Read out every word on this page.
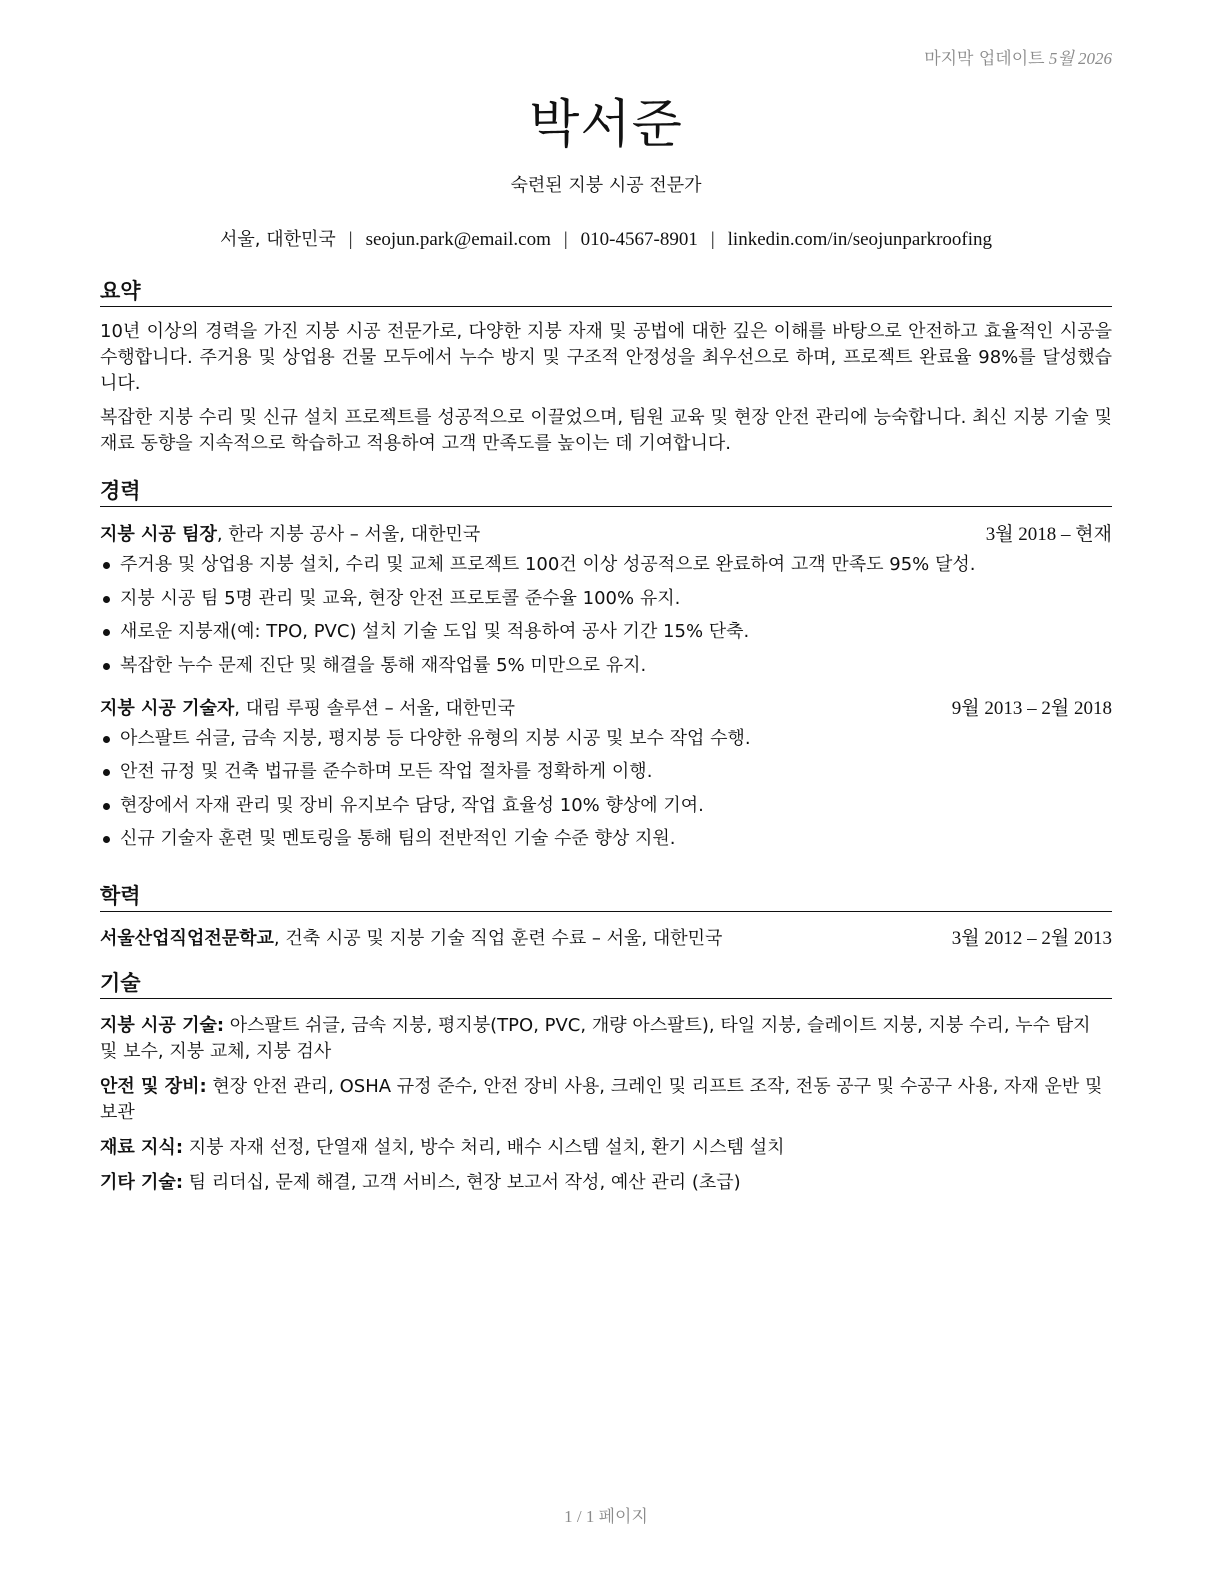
마지막 업데이트 5월 2026
박서준
숙련된 지붕 시공 전문가
서울, 대한민국 | seojun.park@email.com | 010-4567-8901 | linkedin.com/in/seojunparkroofing
요약

10년 이상의 경력을 가진 지붕 시공 전문가로, 다양한 지붕 자재 및 공법에 대한 깊은 이해를 바탕으로 안전하고 효율적인 시공을 수행합니다. 주거용 및 상업용 건물 모두에서 누수 방지 및 구조적 안정성을 최우선으로 하며, 프로젝트 완료율 98%를 달성했습니다.

복잡한 지붕 수리 및 신규 설치 프로젝트를 성공적으로 이끌었으며, 팀원 교육 및 현장 안전 관리에 능숙합니다. 최신 지붕 기술 및 재료 동향을 지속적으로 학습하고 적용하여 고객 만족도를 높이는 데 기여합니다.

경력
지붕 시공 팀장, 한라 지붕 공사 – 서울, 대한민국	3월 2018 – 현재
주거용 및 상업용 지붕 설치, 수리 및 교체 프로젝트 100건 이상 성공적으로 완료하여 고객 만족도 95% 달성.
지붕 시공 팀 5명 관리 및 교육, 현장 안전 프로토콜 준수율 100% 유지.
새로운 지붕재(예: TPO, PVC) 설치 기술 도입 및 적용하여 공사 기간 15% 단축.
복잡한 누수 문제 진단 및 해결을 통해 재작업률 5% 미만으로 유지.
지붕 시공 기술자, 대림 루핑 솔루션 – 서울, 대한민국	9월 2013 – 2월 2018
아스팔트 쉬글, 금속 지붕, 평지붕 등 다양한 유형의 지붕 시공 및 보수 작업 수행.
안전 규정 및 건축 법규를 준수하며 모든 작업 절차를 정확하게 이행.
현장에서 자재 관리 및 장비 유지보수 담당, 작업 효율성 10% 향상에 기여.
신규 기술자 훈련 및 멘토링을 통해 팀의 전반적인 기술 수준 향상 지원.
학력
서울산업직업전문학교, 건축 시공 및 지붕 기술 직업 훈련 수료 – 서울, 대한민국	3월 2012 – 2월 2013
기술

지붕 시공 기술: 아스팔트 쉬글, 금속 지붕, 평지붕(TPO, PVC, 개량 아스팔트), 타일 지붕, 슬레이트 지붕, 지붕 수리, 누수 탐지 및 보수, 지붕 교체, 지붕 검사

안전 및 장비: 현장 안전 관리, OSHA 규정 준수, 안전 장비 사용, 크레인 및 리프트 조작, 전동 공구 및 수공구 사용, 자재 운반 및 보관

재료 지식: 지붕 자재 선정, 단열재 설치, 방수 처리, 배수 시스템 설치, 환기 시스템 설치

기타 기술: 팀 리더십, 문제 해결, 고객 서비스, 현장 보고서 작성, 예산 관리 (초급)

1 / 1 페이지
